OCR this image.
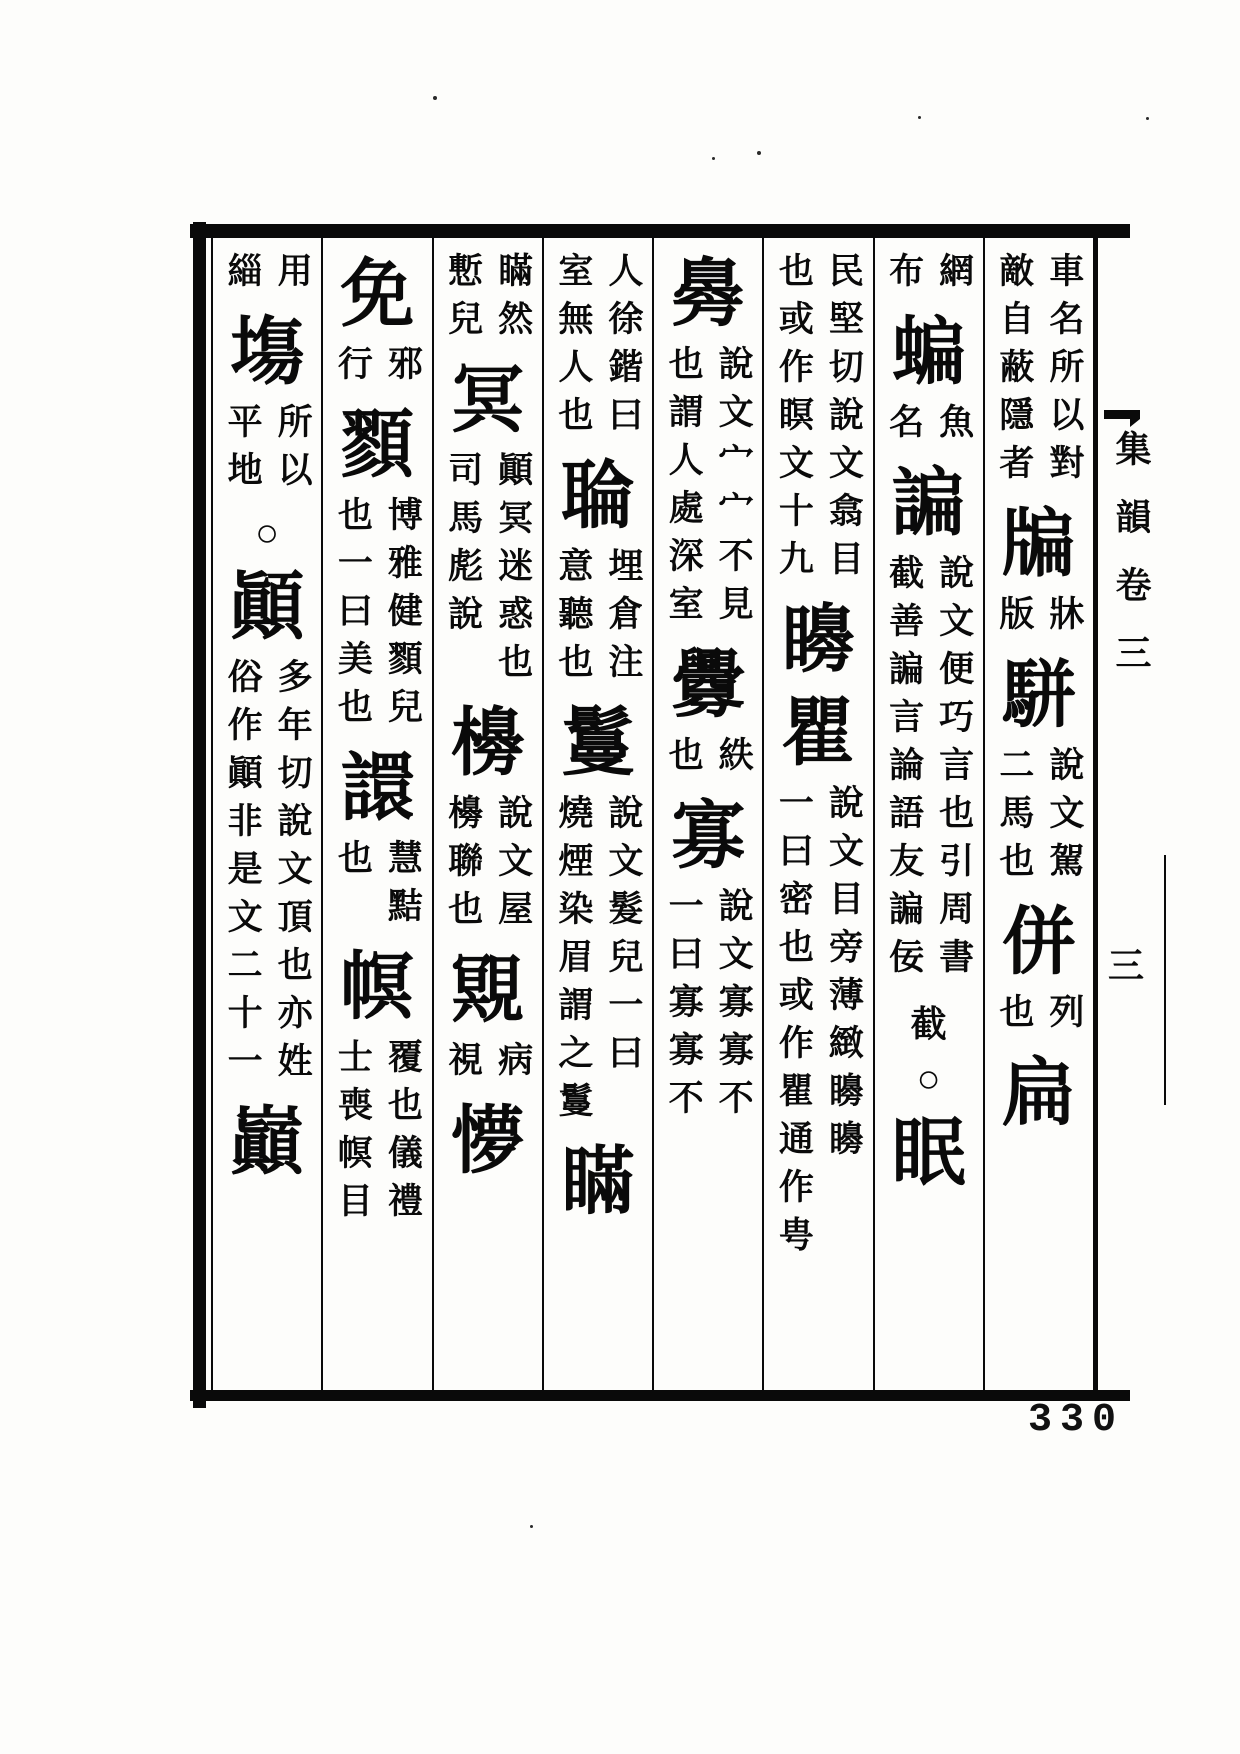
車名所以對
敵自蔽隱者
牑
牀
版
駢
說文駕
二馬也
併
列
也
扁
網
布
蝙
魚
名
諞
說文便巧言也引周書
截善諞言論語友諞佞
截
○
眠
民堅切說文翕目
也或作瞑文十九
矏
瞿
說文目旁薄緻矏矏
一曰密也或作瞿通作甹
臱
說文宀宀不見
也謂人處深室
釁
紩
也
寡
說文寡寡不
一曰寡寡不
人徐鍇曰
室無人也
䎾
埋倉注
意聽也
鬘
說文髮兒一曰
燒煙染眉謂之鬘
瞞
瞞然
慙兒
冥
顚冥迷惑也
司馬彪說
櫋
說文屋
櫋聯也
覭
病
視
懜
免
邪
行
顟
博雅健顟兒
也一曰美也
譞
慧黠
也
幎
覆也儀禮
士喪幎目
用
緇
塲
所以
平地
○
顚
多年切說文頂也亦姓
俗作顚非是文二十一
巓
集韻卷三
三
330
